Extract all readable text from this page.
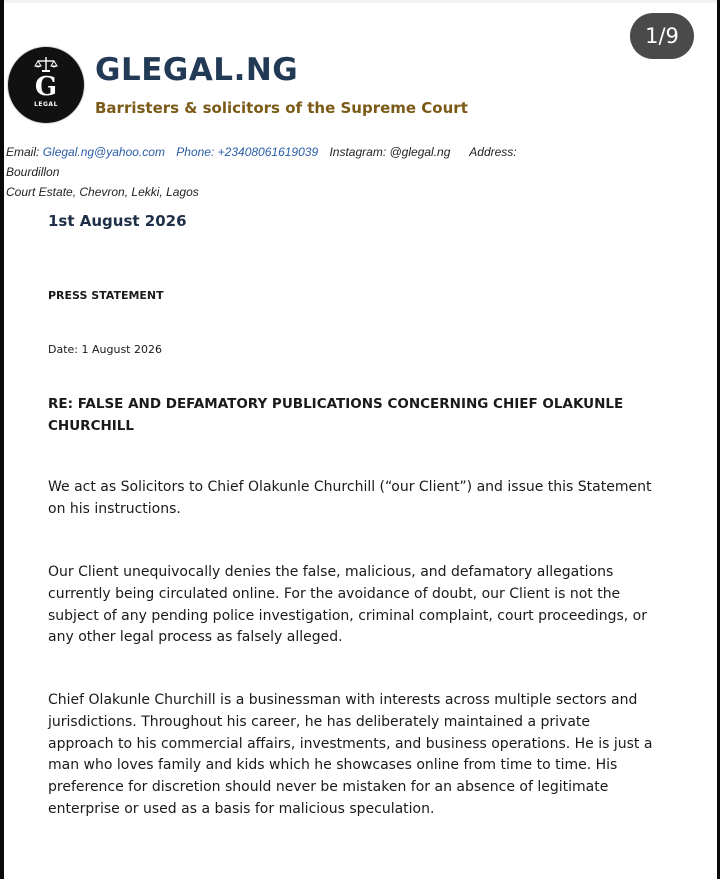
1/9
G
LEGAL
GLEGAL.NG
Barristers & solicitors of the Supreme Court
Email: Glegal.ng@yahoo.com Phone: +23408061619039 Instagram: @glegal.ng Address: Bourdillon
Court Estate, Chevron, Lekki, Lagos
1st August 2026
PRESS STATEMENT
Date: 1 August 2026
RE: FALSE AND DEFAMATORY PUBLICATIONS CONCERNING CHIEF OLAKUNLE
CHURCHILL
We act as Solicitors to Chief Olakunle Churchill (“our Client”) and issue this Statement
on his instructions.
Our Client unequivocally denies the false, malicious, and defamatory allegations
currently being circulated online. For the avoidance of doubt, our Client is not the
subject of any pending police investigation, criminal complaint, court proceedings, or
any other legal process as falsely alleged.
Chief Olakunle Churchill is a businessman with interests across multiple sectors and
jurisdictions. Throughout his career, he has deliberately maintained a private
approach to his commercial affairs, investments, and business operations. He is just a
man who loves family and kids which he showcases online from time to time. His
preference for discretion should never be mistaken for an absence of legitimate
enterprise or used as a basis for malicious speculation.
